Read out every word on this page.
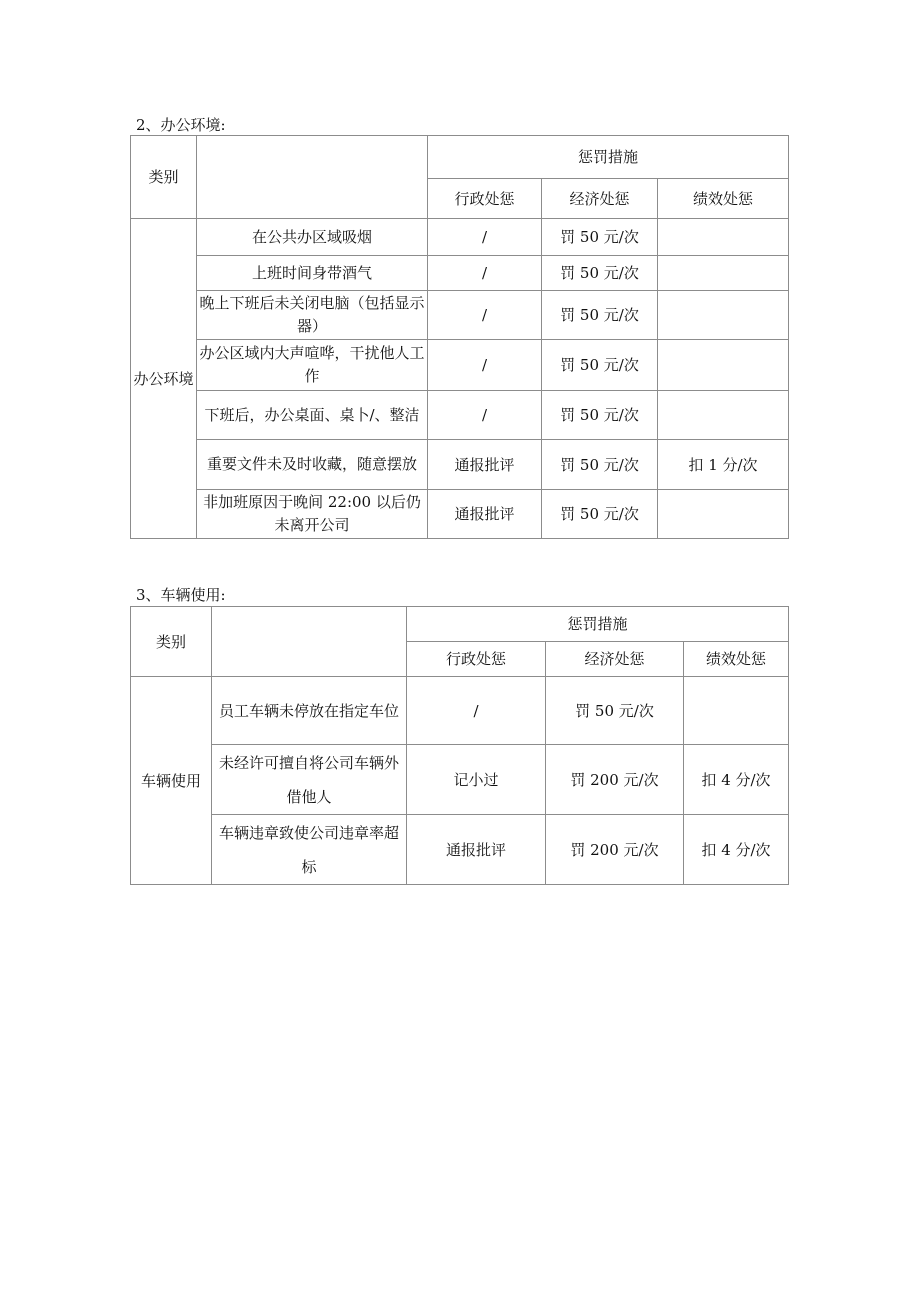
2、办公环境:
类别		惩罚措施		
		行政处惩	经济处惩	绩效处惩
办公环境	在公共办区域吸烟	/	罚 50 元/次	
	上班时间身带酒气	/	罚 50 元/次	
	晚上下班后未关闭电脑（包括显示器）	/	罚 50 元/次	
	办公区域内大声喧哗，干扰他人工作	/	罚 50 元/次	
	下班后，办公桌面、桌卜/、整洁	/	罚 50 元/次	
	重要文件未及时收藏，随意摆放	通报批评	罚 50 元/次	扣 1 分/次
	非加班原因于晚间 22:00 以后仍未离开公司	通报批评	罚 50 元/次	
3、车辆使用:
类别		惩罚措施		
		行政处惩	经济处惩	绩效处惩
车辆使用	员工车辆未停放在指定车位	/	罚 50 元/次	
	未经许可擅自将公司车辆外借他人	记小过	罚 200 元/次	扣 4 分/次
	车辆违章致使公司违章率超标	通报批评	罚 200 元/次	扣 4 分/次
